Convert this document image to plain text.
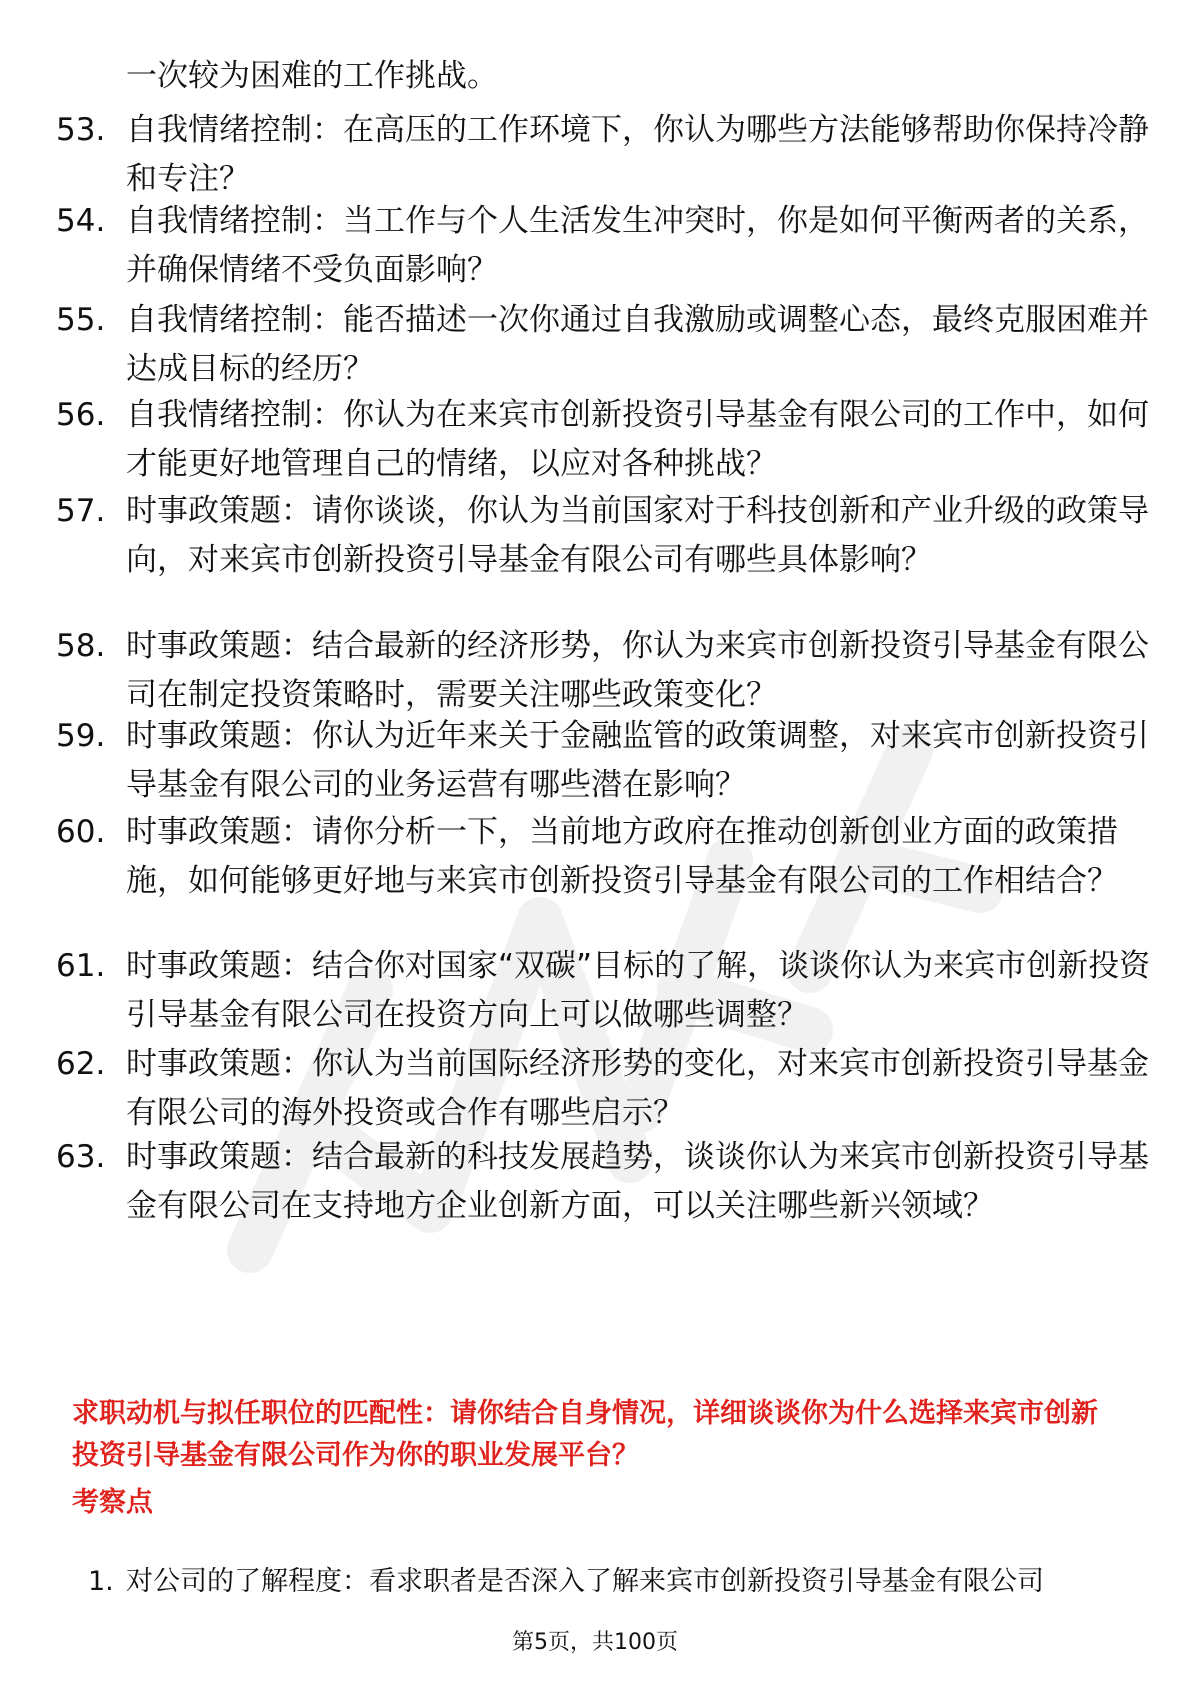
一次较为困难的工作挑战。
53. 自我情绪控制：在高压的工作环境下，你认为哪些方法能够帮助你保持冷静和专注？
54. 自我情绪控制：当工作与个人生活发生冲突时，你是如何平衡两者的关系，并确保情绪不受负面影响？
55. 自我情绪控制：能否描述一次你通过自我激励或调整心态，最终克服困难并达成目标的经历？
56. 自我情绪控制：你认为在来宾市创新投资引导基金有限公司的工作中，如何才能更好地管理自己的情绪，以应对各种挑战？
57. 时事政策题：请你谈谈，你认为当前国家对于科技创新和产业升级的政策导向，对来宾市创新投资引导基金有限公司有哪些具体影响？
58. 时事政策题：结合最新的经济形势，你认为来宾市创新投资引导基金有限公司在制定投资策略时，需要关注哪些政策变化？
59. 时事政策题：你认为近年来关于金融监管的政策调整，对来宾市创新投资引导基金有限公司的业务运营有哪些潜在影响？
60. 时事政策题：请你分析一下，当前地方政府在推动创新创业方面的政策措施，如何能够更好地与来宾市创新投资引导基金有限公司的工作相结合？
61. 时事政策题：结合你对国家“双碳”目标的了解，谈谈你认为来宾市创新投资引导基金有限公司在投资方向上可以做哪些调整？
62. 时事政策题：你认为当前国际经济形势的变化，对来宾市创新投资引导基金有限公司的海外投资或合作有哪些启示？
63. 时事政策题：结合最新的科技发展趋势，谈谈你认为来宾市创新投资引导基金有限公司在支持地方企业创新方面，可以关注哪些新兴领域？
求职动机与拟任职位的匹配性：请你结合自身情况，详细谈谈你为什么选择来宾市创新投资引导基金有限公司作为你的职业发展平台？
考察点
1. 对公司的了解程度：看求职者是否深入了解来宾市创新投资引导基金有限公司
第5页，共100页
